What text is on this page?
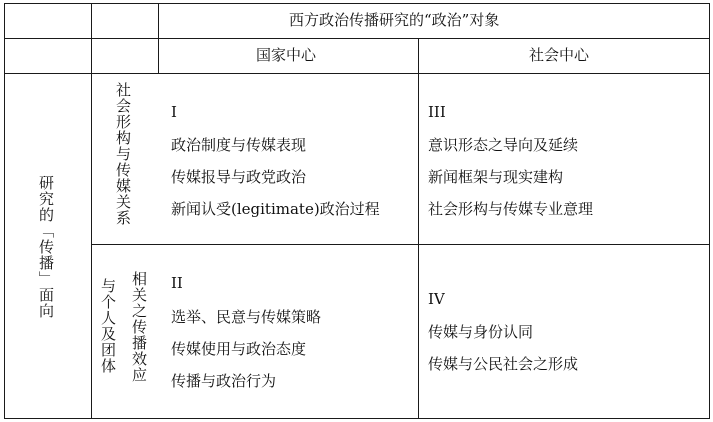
西方政治传播研究的“政治”对象
国家中心	社会中心
研究的「传播」面向
社会形构与传媒关系
与个人及团体 相关之传播效应
I
政治制度与传媒表现
传媒报导与政党政治
新闻认受(legitimate)政治过程
III
意识形态之导向及延续
新闻框架与现实建构
社会形构与传媒专业意理
II
选举、民意与传媒策略
传媒使用与政治态度
传播与政治行为
IV
传媒与身份认同
传媒与公民社会之形成
